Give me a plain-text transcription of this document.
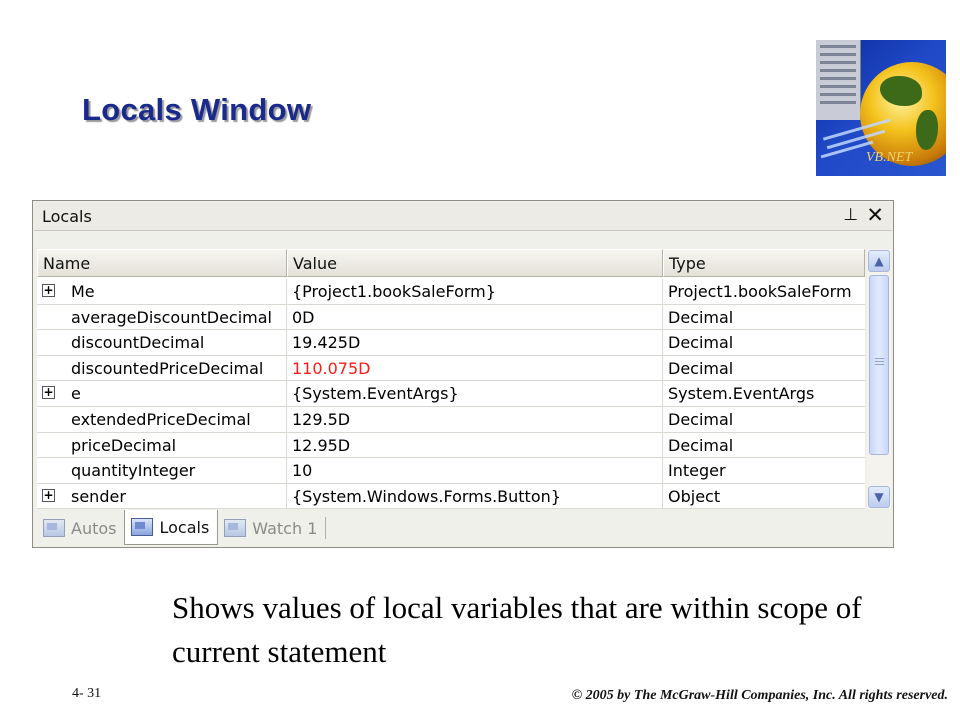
Locals Window
VB.NET
Locals	⊥ ✕
Name	Value	Type
+ Me	{Project1.bookSaleForm}	Project1.bookSaleForm
averageDiscountDecimal	0D	Decimal
discountDecimal	19.425D	Decimal
discountedPriceDecimal	110.075D	Decimal
+ e	{System.EventArgs}	System.EventArgs
extendedPriceDecimal	129.5D	Decimal
priceDecimal	12.95D	Decimal
quantityInteger	10	Integer
+ sender	{System.Windows.Forms.Button}	Object
▲
▼
Autos	Locals	Watch 1
Shows values of local variables that are within scope of current statement
4- 31	© 2005 by The McGraw-Hill Companies, Inc. All rights reserved.
